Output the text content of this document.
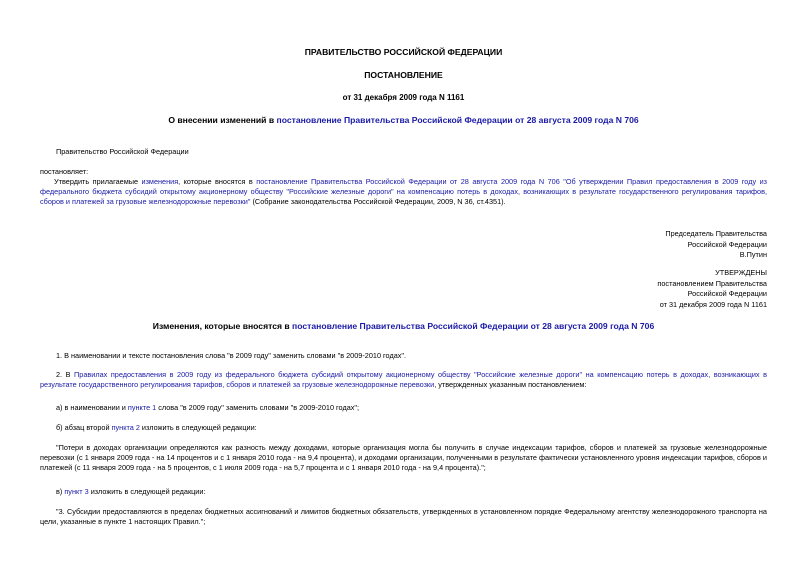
ПРАВИТЕЛЬСТВО РОССИЙСКОЙ ФЕДЕРАЦИИ
ПОСТАНОВЛЕНИЕ
от 31 декабря 2009 года N 1161
О внесении изменений в постановление Правительства Российской Федерации от 28 августа 2009 года N 706
Правительство Российской Федерации
постановляет:
Утвердить прилагаемые изменения, которые вносятся в постановление Правительства Российской Федерации от 28 августа 2009 года N 706 "Об утверждении Правил предоставления в 2009 году из федерального бюджета субсидий открытому акционерному обществу "Российские железные дороги" на компенсацию потерь в доходах, возникающих в результате государственного регулирования тарифов, сборов и платежей за грузовые железнодорожные перевозки" (Собрание законодательства Российской Федерации, 2009, N 36, ст.4351).
Председатель Правительства
Российской Федерации
В.Путин
УТВЕРЖДЕНЫ
постановлением Правительства
Российской Федерации
от 31 декабря 2009 года N 1161
Изменения, которые вносятся в постановление Правительства Российской Федерации от 28 августа 2009 года N 706
1. В наименовании и тексте постановления слова "в 2009 году" заменить словами "в 2009-2010 годах".
2. В Правилах предоставления в 2009 году из федерального бюджета субсидий открытому акционерному обществу "Российские железные дороги" на компенсацию потерь в доходах, возникающих в результате государственного регулирования тарифов, сборов и платежей за грузовые железнодорожные перевозки, утвержденных указанным постановлением:
а) в наименовании и пункте 1 слова "в 2009 году" заменить словами "в 2009-2010 годах";
б) абзац второй пункта 2 изложить в следующей редакции:
"Потери в доходах организации определяются как разность между доходами, которые организация могла бы получить в случае индексации тарифов, сборов и платежей за грузовые железнодорожные перевозки (с 1 января 2009 года - на 14 процентов и с 1 января 2010 года - на 9,4 процента), и доходами организации, полученными в результате фактически установленного уровня индексации тарифов, сборов и платежей (с 11 января 2009 года - на 5 процентов, с 1 июля 2009 года - на 5,7 процента и с 1 января 2010 года - на 9,4 процента).";
в) пункт 3 изложить в следующей редакции:
"3. Субсидии предоставляются в пределах бюджетных ассигнований и лимитов бюджетных обязательств, утвержденных в установленном порядке Федеральному агентству железнодорожного транспорта на цели, указанные в пункте 1 настоящих Правил.";
